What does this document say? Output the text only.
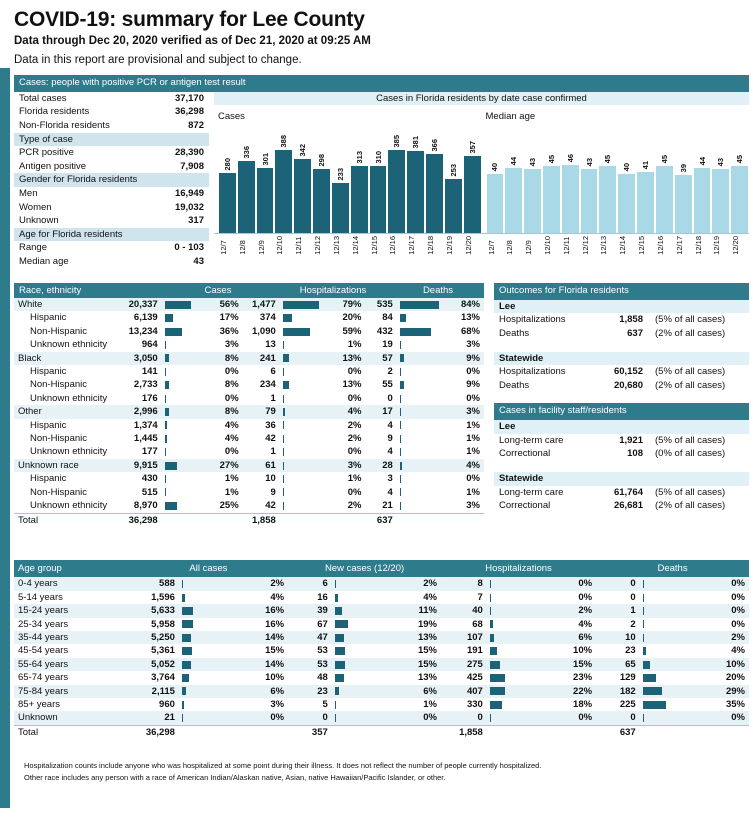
COVID-19: summary for Lee County
Data through Dec 20, 2020 verified as of Dec 21, 2020 at 09:25 AM

Data in this report are provisional and subject to change.

Cases: people with positive PCR or antigen test result
Total cases	37,170
Florida residents	36,298
Non-Florida residents	872
Type of case
PCR positive	28,390
Antigen positive	7,908
Gender for Florida residents
Men	16,949
Women	19,032
Unknown	317
Age for Florida residents
Range	0 - 103
Median age	43
Cases in Florida residents by date case confirmed
Cases
280
336
301
388
342
298
233
313 310
385 381 366
253
357
12/7	12/8	12/9	12/10	12/11	12/12	12/13	12/14	12/15	12/16	12/17	12/18	12/19	12/20
Median age
40
44 43 45 46 43 45
40 41
45
39
44 43 45
12/7	12/8	12/9	12/10	12/11	12/12	12/13	12/14	12/15	12/16	12/17	12/18	12/19	12/20
Race, ethnicity	Cases	Hospitalizations	Deaths
White	20,337		56%	1,477		79%	535		84%
Hispanic	6,139		17%	374		20%	84		13%
Non-Hispanic	13,234		36%	1,090		59%	432		68%
Unknown ethnicity	964		3%	13		1%	19		3%
Black	3,050		8%	241		13%	57		9%
Hispanic	141		0%	6		0%	2		0%
Non-Hispanic	2,733		8%	234		13%	55		9%
Unknown ethnicity	176		0%	1		0%	0		0%
Other	2,996		8%	79		4%	17		3%
Hispanic	1,374		4%	36		2%	4		1%
Non-Hispanic	1,445		4%	42		2%	9		1%
Unknown ethnicity	177		0%	1		0%	4		1%
Unknown race	9,915		27%	61		3%	28		4%
Hispanic	430		1%	10		1%	3		0%
Non-Hispanic	515		1%	9		0%	4		1%
Unknown ethnicity	8,970		25%	42		2%	21		3%
Total	36,298			1,858			637		
Outcomes for Florida residents
Lee
Hospitalizations	1,858	(5% of all cases)
Deaths	637	(2% of all cases)
Statewide
Hospitalizations	60,152	(5% of all cases)
Deaths	20,680	(2% of all cases)
Cases in facility staff/residents
Lee
Long-term care	1,921	(5% of all cases)
Correctional	108	(0% of all cases)
Statewide
Long-term care	61,764	(5% of all cases)
Correctional	26,681	(2% of all cases)
Age group	All cases			New cases (12/20)			Hospitalizations			Deaths		
0-4 years	588		2%	6		2%	8		0%	0		0%
5-14 years	1,596		4%	16		4%	7		0%	0		0%
15-24 years	5,633		16%	39		11%	40		2%	1		0%
25-34 years	5,958		16%	67		19%	68		4%	2		0%
35-44 years	5,250		14%	47		13%	107		6%	10		2%
45-54 years	5,361		15%	53		15%	191		10%	23		4%
55-64 years	5,052		14%	53		15%	275		15%	65		10%
65-74 years	3,764		10%	48		13%	425		23%	129		20%
75-84 years	2,115		6%	23		6%	407		22%	182		29%
85+ years	960		3%	5		1%	330		18%	225		35%
Unknown	21		0%	0		0%	0		0%	0		0%
Total	36,298			357			1,858			637		
Hospitalization counts include anyone who was hospitalized at some point during their illness. It does not reflect the number of people currently hospitalized.
Other race includes any person with a race of American Indian/Alaskan native, Asian, native Hawaiian/Pacific Islander, or other.
